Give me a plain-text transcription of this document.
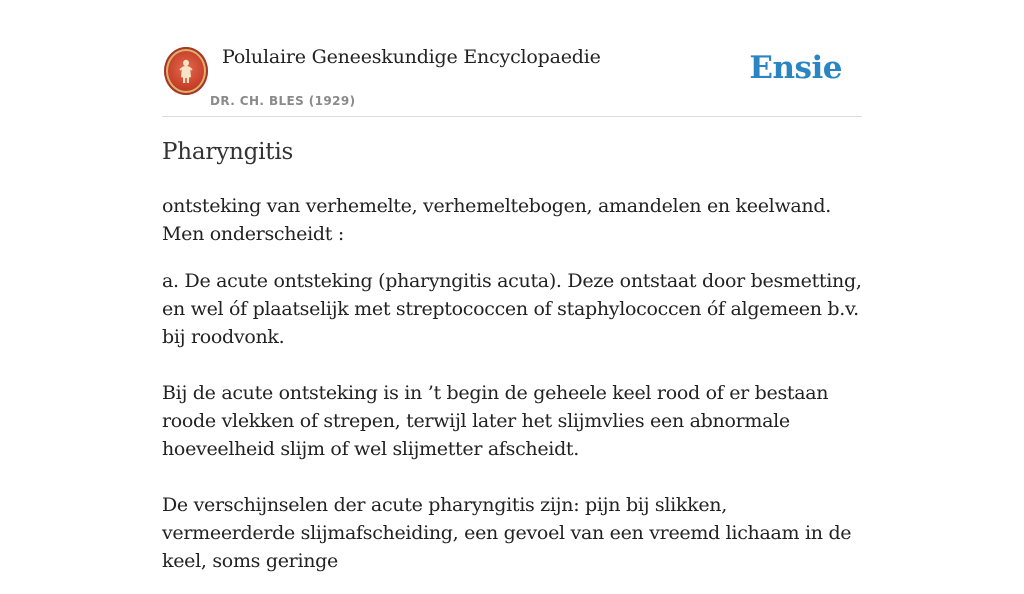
Polulaire Geneeskundige Encyclopaedie
DR. CH. BLES (1929)
Ensie
Pharyngitis

ontsteking van verhemelte, verhemeltebogen, amandelen en keelwand. Men onderscheidt :

a. De acute ontsteking (pharyngitis acuta). Deze ontstaat door besmetting, en wel óf plaatselijk met streptococcen of staphylococcen óf algemeen b.v. bij roodvonk.

Bij de acute ontsteking is in ’t begin de geheele keel rood of er bestaan roode vlekken of strepen, terwijl later het slijmvlies een abnormale hoeveelheid slijm of wel slijmetter afscheidt.

De verschijnselen der acute pharyngitis zijn: pijn bij slikken, vermeerderde slijmafscheiding, een gevoel van een vreemd lichaam in de keel, soms geringe
